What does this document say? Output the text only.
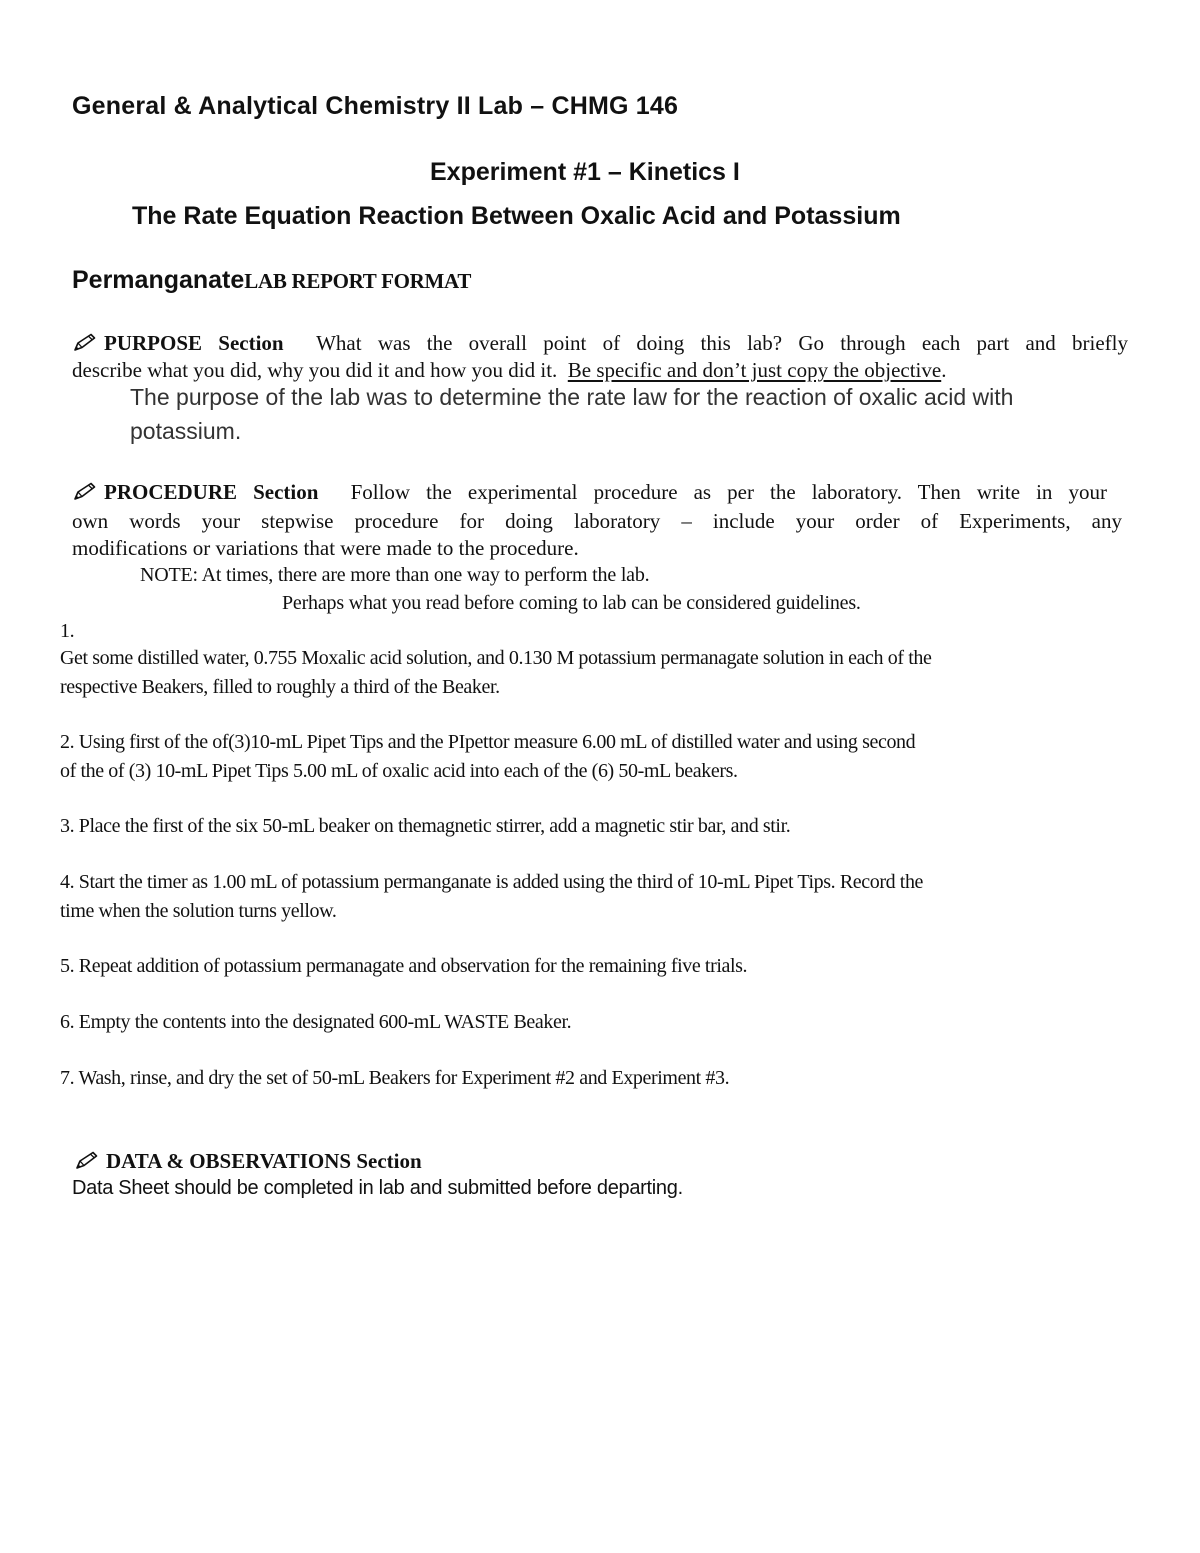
General & Analytical Chemistry II Lab – CHMG 146
Experiment #1 – Kinetics I
The Rate Equation Reaction Between Oxalic Acid and Potassium
PermanganateLAB REPORT FORMAT
PURPOSE Section What was the overall point of doing this lab? Go through each part and briefly
describe what you did, why you did it and how you did it. Be specific and don’t just copy the objective.
The purpose of the lab was to determine the rate law for the reaction of oxalic acid with
potassium.
PROCEDURE Section Follow the experimental procedure as per the laboratory. Then write in your
own words your stepwise procedure for doing laboratory – include your order of Experiments, any
modifications or variations that were made to the procedure.
NOTE: At times, there are more than one way to perform the lab.
Perhaps what you read before coming to lab can be considered guidelines.
1.
Get some distilled water, 0.755 Moxalic acid solution, and 0.130 M potassium permanagate solution in each of the
respective Beakers, filled to roughly a third of the Beaker.
2. Using first of the of(3)10-mL Pipet Tips and the PIpettor measure 6.00 mL of distilled water and using second
of the of (3) 10-mL Pipet Tips 5.00 mL of oxalic acid into each of the (6) 50-mL beakers.
3. Place the first of the six 50-mL beaker on themagnetic stirrer, add a magnetic stir bar, and stir.
4. Start the timer as 1.00 mL of potassium permanganate is added using the third of 10-mL Pipet Tips. Record the
time when the solution turns yellow.
5. Repeat addition of potassium permanagate and observation for the remaining five trials.
6. Empty the contents into the designated 600-mL WASTE Beaker.
7. Wash, rinse, and dry the set of 50-mL Beakers for Experiment #2 and Experiment #3.
DATA & OBSERVATIONS Section
Data Sheet should be completed in lab and submitted before departing.
